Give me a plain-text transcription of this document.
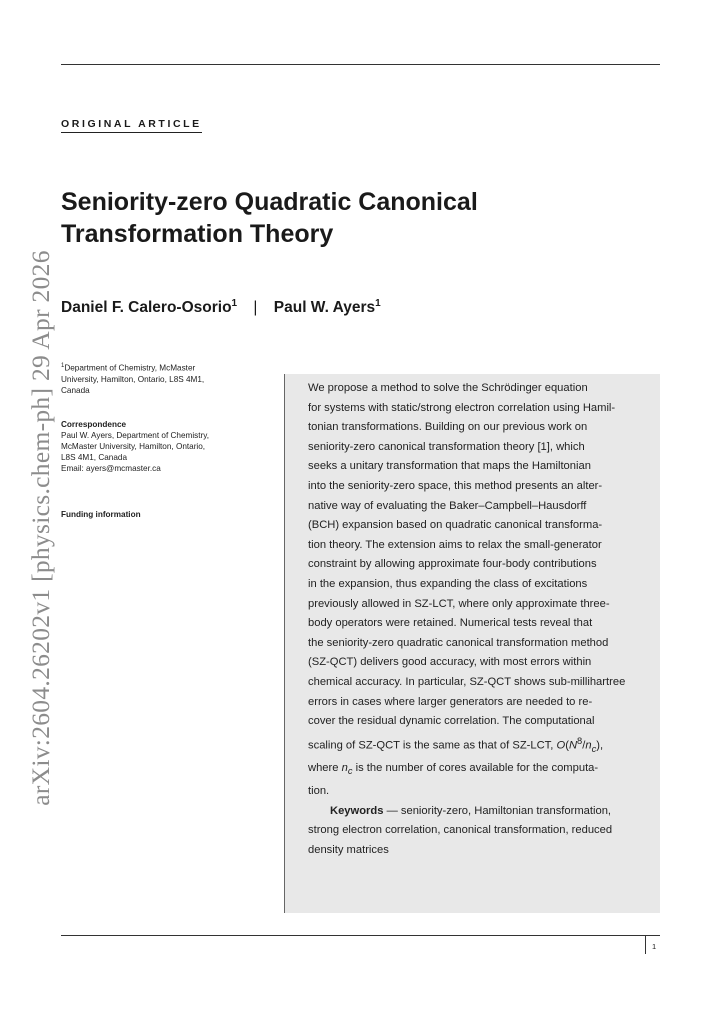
ORIGINAL ARTICLE
arXiv:2604.26202v1 [physics.chem-ph] 29 Apr 2026
Seniority-zero Quadratic Canonical
Transformation Theory
Daniel F. Calero-Osorio$^1$ | Paul W. Ayers$^1$
$^1$Department of Chemistry, McMaster
University, Hamilton, Ontario, L8S 4M1,
Canada
Correspondence
Paul W. Ayers, Department of Chemistry,
McMaster University, Hamilton, Ontario,
L8S 4M1, Canada
Email: ayers@mcmaster.ca
Funding information
We propose a method to solve the Schrödinger equation
for systems with static/strong electron correlation using Hamil-
tonian transformations. Building on our previous work on
seniority-zero canonical transformation theory [1], which
seeks a unitary transformation that maps the Hamiltonian
into the seniority-zero space, this method presents an alter-
native way of evaluating the Baker–Campbell–Hausdorff
(BCH) expansion based on quadratic canonical transforma-
tion theory. The extension aims to relax the small-generator
constraint by allowing approximate four-body contributions
in the expansion, thus expanding the class of excitations
previously allowed in SZ-LCT, where only approximate three-
body operators were retained. Numerical tests reveal that
the seniority-zero quadratic canonical transformation method
(SZ-QCT) delivers good accuracy, with most errors within
chemical accuracy. In particular, SZ-QCT shows sub-millihartree
errors in cases where larger generators are needed to re-
cover the residual dynamic correlation. The computational
scaling of SZ-QCT is the same as that of SZ-LCT, $O(N^8/n_c)$,
where $n_c$ is the number of cores available for the computa-
tion.
Keywords — seniority-zero, Hamiltonian transformation,
strong electron correlation, canonical transformation, reduced
density matrices
1
